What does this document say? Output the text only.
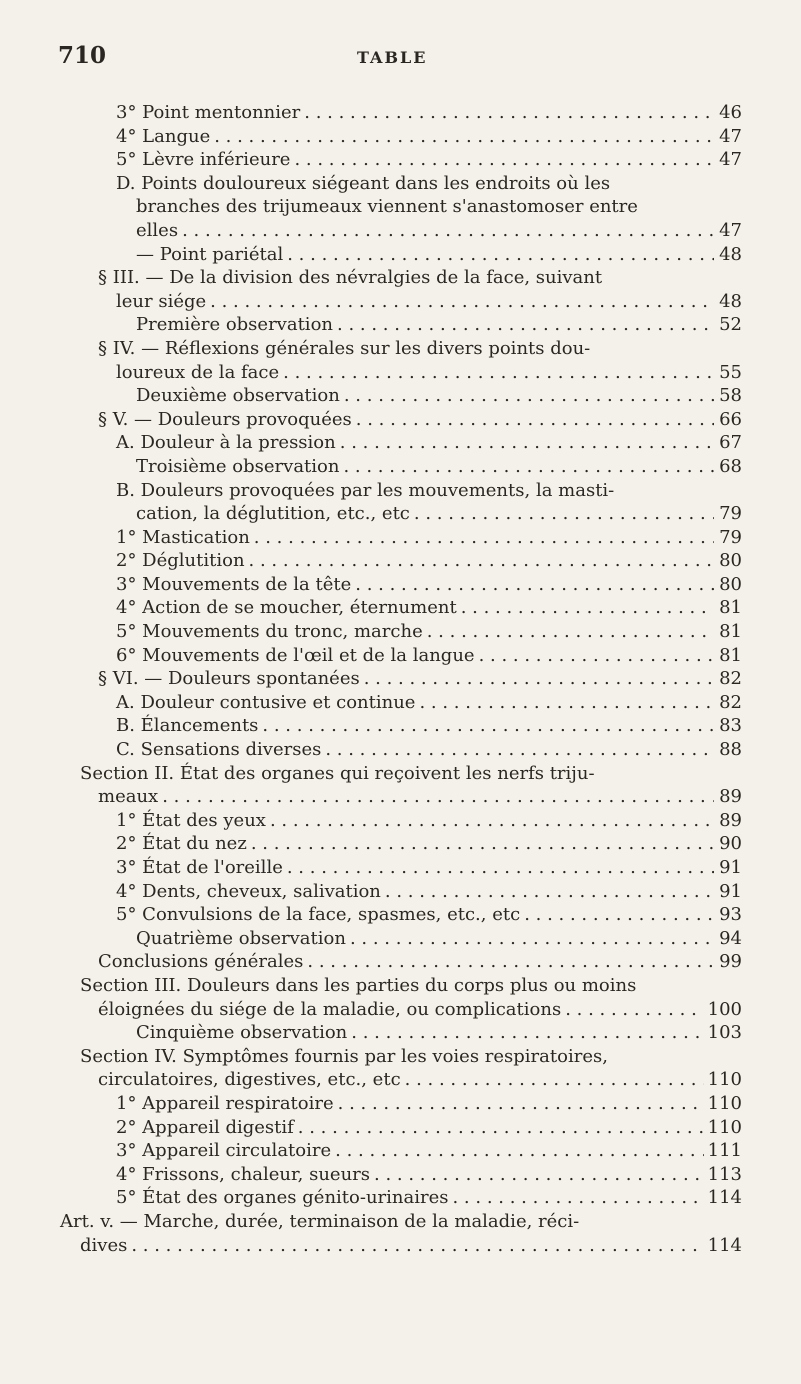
710	TABLE
3° Point mentonnier . . .	46
4° Langue . . .	47
5° Lèvre inférieure . . .	47
D. Points douloureux siégeant dans les endroits où les
branches des trijumeaux viennent s'anastomoser entre
elles . . .	47
— Point pariétal . . .	48
§ III. — De la division des névralgies de la face, suivant
leur siége . . .	48
Première observation . . .	52
§ IV. — Réflexions générales sur les divers points dou-
loureux de la face . . .	55
Deuxième observation . . .	58
§ V. — Douleurs provoquées . . .	66
A. Douleur à la pression . . .	67
Troisième observation . . .	68
B. Douleurs provoquées par les mouvements, la masti-
cation, la déglutition, etc., etc . . .	79
1° Mastication . . .	79
2° Déglutition . . .	80
3° Mouvements de la tête . . .	80
4° Action de se moucher, éternument . . .	81
5° Mouvements du tronc, marche . . .	81
6° Mouvements de l'œil et de la langue . . .	81
§ VI. — Douleurs spontanées . . .	82
A. Douleur contusive et continue . . .	82
B. Élancements . . .	83
C. Sensations diverses . . .	88
Section II. État des organes qui reçoivent les nerfs triju-
meaux . . .	89
1° État des yeux . . .	89
2° État du nez . . .	90
3° État de l'oreille . . .	91
4° Dents, cheveux, salivation . . .	91
5° Convulsions de la face, spasmes, etc., etc . . .	93
Quatrième observation . . .	94
Conclusions générales . . .	99
Section III. Douleurs dans les parties du corps plus ou moins
éloignées du siége de la maladie, ou complications . . .	100
Cinquième observation . . .	103
Section IV. Symptômes fournis par les voies respiratoires,
circulatoires, digestives, etc., etc . . .	110
1° Appareil respiratoire . . .	110
2° Appareil digestif . . .	110
3° Appareil circulatoire . . .	111
4° Frissons, chaleur, sueurs . . .	113
5° État des organes génito-urinaires . . .	114
Art. v. — Marche, durée, terminaison de la maladie, réci-
dives . . .	114
